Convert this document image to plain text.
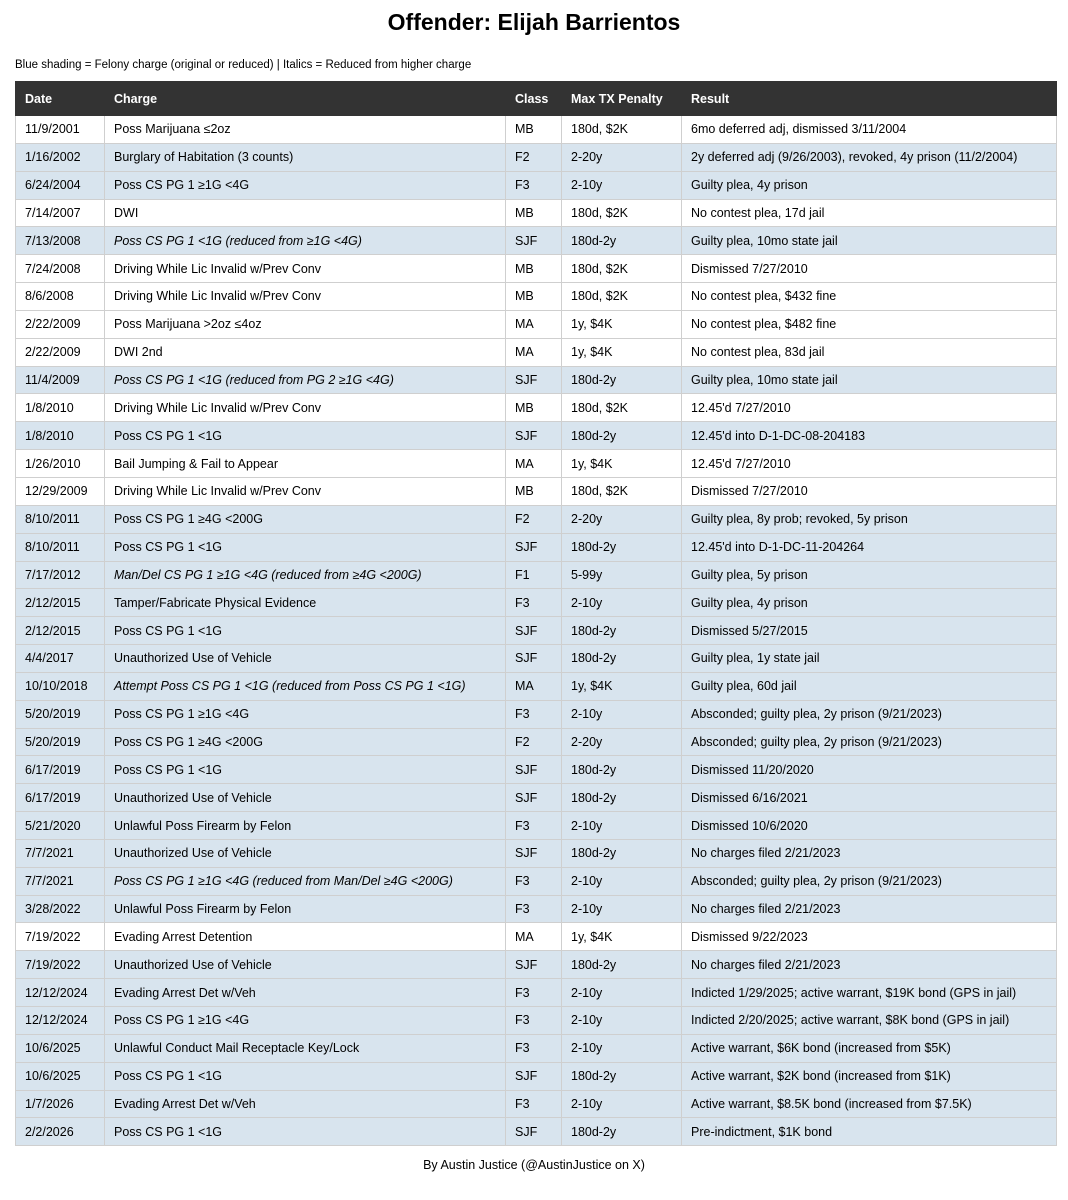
Offender: Elijah Barrientos
Blue shading = Felony charge (original or reduced) | Italics = Reduced from higher charge
Date	Charge	Class	Max TX Penalty	Result
11/9/2001	Poss Marijuana ≤2oz	MB	180d, $2K	6mo deferred adj, dismissed 3/11/2004
1/16/2002	Burglary of Habitation (3 counts)	F2	2-20y	2y deferred adj (9/26/2003), revoked, 4y prison (11/2/2004)
6/24/2004	Poss CS PG 1 ≥1G <4G	F3	2-10y	Guilty plea, 4y prison
7/14/2007	DWI	MB	180d, $2K	No contest plea, 17d jail
7/13/2008	Poss CS PG 1 <1G (reduced from ≥1G <4G)	SJF	180d-2y	Guilty plea, 10mo state jail
7/24/2008	Driving While Lic Invalid w/Prev Conv	MB	180d, $2K	Dismissed 7/27/2010
8/6/2008	Driving While Lic Invalid w/Prev Conv	MB	180d, $2K	No contest plea, $432 fine
2/22/2009	Poss Marijuana >2oz ≤4oz	MA	1y, $4K	No contest plea, $482 fine
2/22/2009	DWI 2nd	MA	1y, $4K	No contest plea, 83d jail
11/4/2009	Poss CS PG 1 <1G (reduced from PG 2 ≥1G <4G)	SJF	180d-2y	Guilty plea, 10mo state jail
1/8/2010	Driving While Lic Invalid w/Prev Conv	MB	180d, $2K	12.45'd 7/27/2010
1/8/2010	Poss CS PG 1 <1G	SJF	180d-2y	12.45'd into D-1-DC-08-204183
1/26/2010	Bail Jumping & Fail to Appear	MA	1y, $4K	12.45'd 7/27/2010
12/29/2009	Driving While Lic Invalid w/Prev Conv	MB	180d, $2K	Dismissed 7/27/2010
8/10/2011	Poss CS PG 1 ≥4G <200G	F2	2-20y	Guilty plea, 8y prob; revoked, 5y prison
8/10/2011	Poss CS PG 1 <1G	SJF	180d-2y	12.45'd into D-1-DC-11-204264
7/17/2012	Man/Del CS PG 1 ≥1G <4G (reduced from ≥4G <200G)	F1	5-99y	Guilty plea, 5y prison
2/12/2015	Tamper/Fabricate Physical Evidence	F3	2-10y	Guilty plea, 4y prison
2/12/2015	Poss CS PG 1 <1G	SJF	180d-2y	Dismissed 5/27/2015
4/4/2017	Unauthorized Use of Vehicle	SJF	180d-2y	Guilty plea, 1y state jail
10/10/2018	Attempt Poss CS PG 1 <1G (reduced from Poss CS PG 1 <1G)	MA	1y, $4K	Guilty plea, 60d jail
5/20/2019	Poss CS PG 1 ≥1G <4G	F3	2-10y	Absconded; guilty plea, 2y prison (9/21/2023)
5/20/2019	Poss CS PG 1 ≥4G <200G	F2	2-20y	Absconded; guilty plea, 2y prison (9/21/2023)
6/17/2019	Poss CS PG 1 <1G	SJF	180d-2y	Dismissed 11/20/2020
6/17/2019	Unauthorized Use of Vehicle	SJF	180d-2y	Dismissed 6/16/2021
5/21/2020	Unlawful Poss Firearm by Felon	F3	2-10y	Dismissed 10/6/2020
7/7/2021	Unauthorized Use of Vehicle	SJF	180d-2y	No charges filed 2/21/2023
7/7/2021	Poss CS PG 1 ≥1G <4G (reduced from Man/Del ≥4G <200G)	F3	2-10y	Absconded; guilty plea, 2y prison (9/21/2023)
3/28/2022	Unlawful Poss Firearm by Felon	F3	2-10y	No charges filed 2/21/2023
7/19/2022	Evading Arrest Detention	MA	1y, $4K	Dismissed 9/22/2023
7/19/2022	Unauthorized Use of Vehicle	SJF	180d-2y	No charges filed 2/21/2023
12/12/2024	Evading Arrest Det w/Veh	F3	2-10y	Indicted 1/29/2025; active warrant, $19K bond (GPS in jail)
12/12/2024	Poss CS PG 1 ≥1G <4G	F3	2-10y	Indicted 2/20/2025; active warrant, $8K bond (GPS in jail)
10/6/2025	Unlawful Conduct Mail Receptacle Key/Lock	F3	2-10y	Active warrant, $6K bond (increased from $5K)
10/6/2025	Poss CS PG 1 <1G	SJF	180d-2y	Active warrant, $2K bond (increased from $1K)
1/7/2026	Evading Arrest Det w/Veh	F3	2-10y	Active warrant, $8.5K bond (increased from $7.5K)
2/2/2026	Poss CS PG 1 <1G	SJF	180d-2y	Pre-indictment, $1K bond
By Austin Justice (@AustinJustice on X)
